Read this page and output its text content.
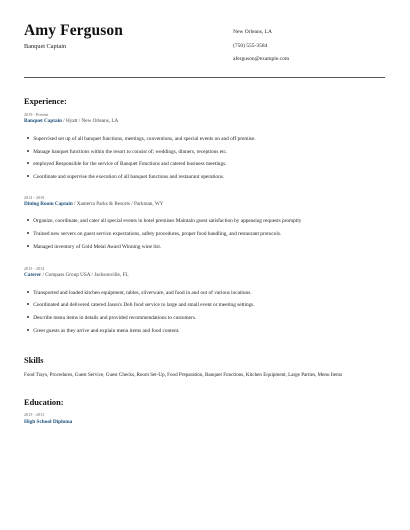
Amy Ferguson
Banquet Captain
New Orleans, LA
(750) 555-3584
aferguson@example.com
Experience:
2019 - Present
Banquet Captain / Hyatt / New Orleans, LA
Supervised set up of all banquet functions, meetings, conventions, and special events on and off premise.
Manage banquet functions within the resort to consist of; weddings, dinners, receptions etc.
employed Responsible for the service of Banquet Functions and catered business meetings.
Coordinate and supervise the execution of all banquet functions and restaurant operations.
2014 - 2019
Dining Room Captain / Xanterra Parks & Resorts / Parkman, WY
Organize, coordinate, and cater all special events in hotel premises Maintain guest satisfaction by appeasing requests promptly
Trained new servers on guest service expectations, safety procedures, proper food handling, and restaurant protocols.
Managed inventory of Gold Metal Award Winning wine list.
2013 - 2014
Caterer / Compass Group USA / Jacksonville, FL
Transported and loaded kitchen equipment, tables, silverware, and food in and out of various locations.
Coordinated and delivered catered Jason's Deli food service to large and small event or meeting settings.
Describe menu items in details and provided recommendations to customers.
Greet guests as they arrive and explain menu items and food content.
Skills
Food Trays, Procedures, Guest Service, Guest Checks, Room Set-Up, Food Preparation, Banquet Functions, Kitchen Equipment, Large Parties, Menu Items
Education:
2013 - 2013
High School Diploma
